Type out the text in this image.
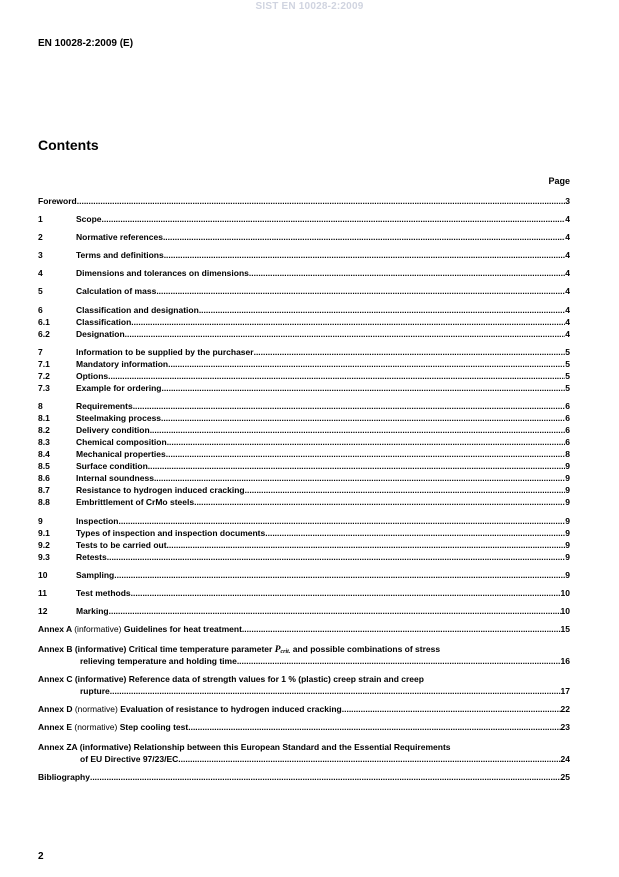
SIST EN 10028-2:2009
EN 10028-2:2009 (E)
Contents
Page
2
Foreword .....	3
1	Scope .....	4
2	Normative references .....	4
3	Terms and definitions .....	4
4	Dimensions and tolerances on dimensions .....	4
5	Calculation of mass .....	4
6	Classification and designation .....	4
6.1	Classification .....	4
6.2	Designation .....	4
7	Information to be supplied by the purchaser .....	5
7.1	Mandatory information .....	5
7.2	Options .....	5
7.3	Example for ordering .....	5
8	Requirements .....	6
8.1	Steelmaking process .....	6
8.2	Delivery condition .....	6
8.3	Chemical composition .....	6
8.4	Mechanical properties .....	8
8.5	Surface condition .....	9
8.6	Internal soundness .....	9
8.7	Resistance to hydrogen induced cracking .....	9
8.8	Embrittlement of CrMo steels .....	9
9	Inspection .....	9
9.1	Types of inspection and inspection documents .....	9
9.2	Tests to be carried out .....	9
9.3	Retests .....	9
10	Sampling .....	9
11	Test methods .....	10
12	Marking .....	10
Annex A (informative) Guidelines for heat treatment .....	15
Annex B (informative) Critical time temperature parameter Pcrit. and possible combinations of stress
relieving temperature and holding time .....	16
Annex C (informative) Reference data of strength values for 1 % (plastic) creep strain and creep
rupture .....	17
Annex D (normative) Evaluation of resistance to hydrogen induced cracking .....	22
Annex E (normative) Step cooling test .....	23
Annex ZA (informative) Relationship between this European Standard and the Essential Requirements
of EU Directive 97/23/EC .....	24
Bibliography .....	25
